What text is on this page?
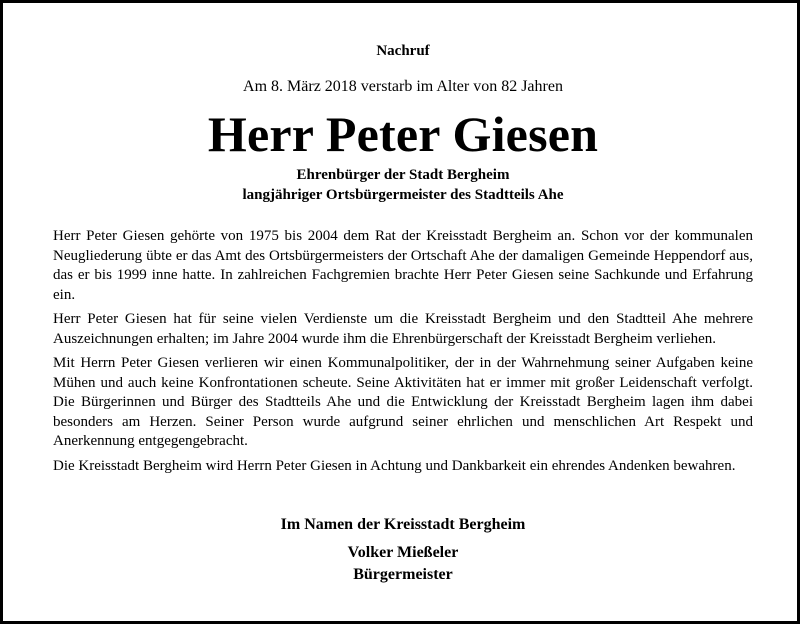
Nachruf
Am 8. März 2018 verstarb im Alter von 82 Jahren
Herr Peter Giesen
Ehrenbürger der Stadt Bergheim
langjähriger Ortsbürgermeister des Stadtteils Ahe

Herr Peter Giesen gehörte von 1975 bis 2004 dem Rat der Kreisstadt Bergheim an. Schon vor der kommunalen Neugliederung übte er das Amt des Ortsbürgermeisters der Ortschaft Ahe der damaligen Gemeinde Heppendorf aus, das er bis 1999 inne hatte. In zahlreichen Fachgremien brachte Herr Peter Giesen seine Sachkunde und Erfahrung ein.

Herr Peter Giesen hat für seine vielen Verdienste um die Kreisstadt Bergheim und den Stadtteil Ahe mehrere Auszeichnungen erhalten; im Jahre 2004 wurde ihm die Ehrenbürgerschaft der Kreisstadt Bergheim verliehen.

Mit Herrn Peter Giesen verlieren wir einen Kommunalpolitiker, der in der Wahrnehmung seiner Aufgaben keine Mühen und auch keine Konfrontationen scheute. Seine Aktivitäten hat er immer mit großer Leidenschaft verfolgt. Die Bürgerinnen und Bürger des Stadtteils Ahe und die Entwicklung der Kreisstadt Bergheim lagen ihm dabei besonders am Herzen. Seiner Person wurde aufgrund seiner ehrlichen und menschlichen Art Respekt und Anerkennung entgegengebracht.

Die Kreisstadt Bergheim wird Herrn Peter Giesen in Achtung und Dankbarkeit ein ehrendes Andenken bewahren.

Im Namen der Kreisstadt Bergheim
Volker Mießeler
Bürgermeister
